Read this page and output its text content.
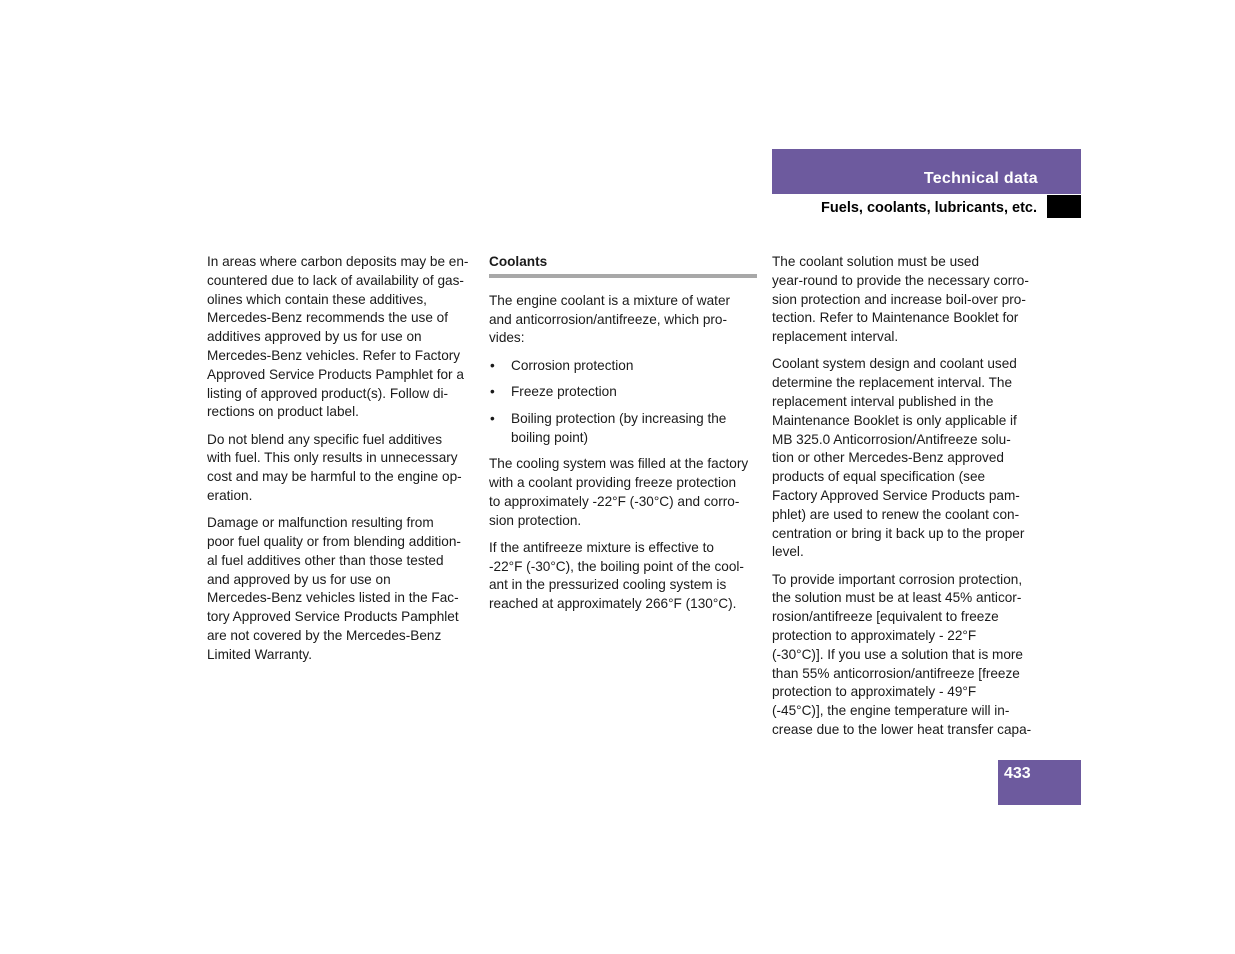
Technical data
Fuels, coolants, lubricants, etc.

In areas where carbon deposits may be en-
countered due to lack of availability of gas-
olines which contain these additives,
Mercedes-Benz recommends the use of
additives approved by us for use on
Mercedes-Benz vehicles. Refer to Factory
Approved Service Products Pamphlet for a
listing of approved product(s). Follow di-
rections on product label.

Do not blend any specific fuel additives
with fuel. This only results in unnecessary
cost and may be harmful to the engine op-
eration.

Damage or malfunction resulting from
poor fuel quality or from blending addition-
al fuel additives other than those tested
and approved by us for use on
Mercedes-Benz vehicles listed in the Fac-
tory Approved Service Products Pamphlet
are not covered by the Mercedes-Benz
Limited Warranty.

Coolants

The engine coolant is a mixture of water
and anticorrosion/antifreeze, which pro-
vides:

• Corrosion protection
• Freeze protection
• Boiling protection (by increasing the
boiling point)

The cooling system was filled at the factory
with a coolant providing freeze protection
to approximately -22°F (-30°C) and corro-
sion protection.

If the antifreeze mixture is effective to
-22°F (-30°C), the boiling point of the cool-
ant in the pressurized cooling system is
reached at approximately 266°F (130°C).

The coolant solution must be used
year-round to provide the necessary corro-
sion protection and increase boil-over pro-
tection. Refer to Maintenance Booklet for
replacement interval.

Coolant system design and coolant used
determine the replacement interval. The
replacement interval published in the
Maintenance Booklet is only applicable if
MB 325.0 Anticorrosion/Antifreeze solu-
tion or other Mercedes-Benz approved
products of equal specification (see
Factory Approved Service Products pam-
phlet) are used to renew the coolant con-
centration or bring it back up to the proper
level.

To provide important corrosion protection,
the solution must be at least 45% anticor-
rosion/antifreeze [equivalent to freeze
protection to approximately - 22°F
(-30°C)]. If you use a solution that is more
than 55% anticorrosion/antifreeze [freeze
protection to approximately - 49°F
(-45°C)], the engine temperature will in-
crease due to the lower heat transfer capa-

433
